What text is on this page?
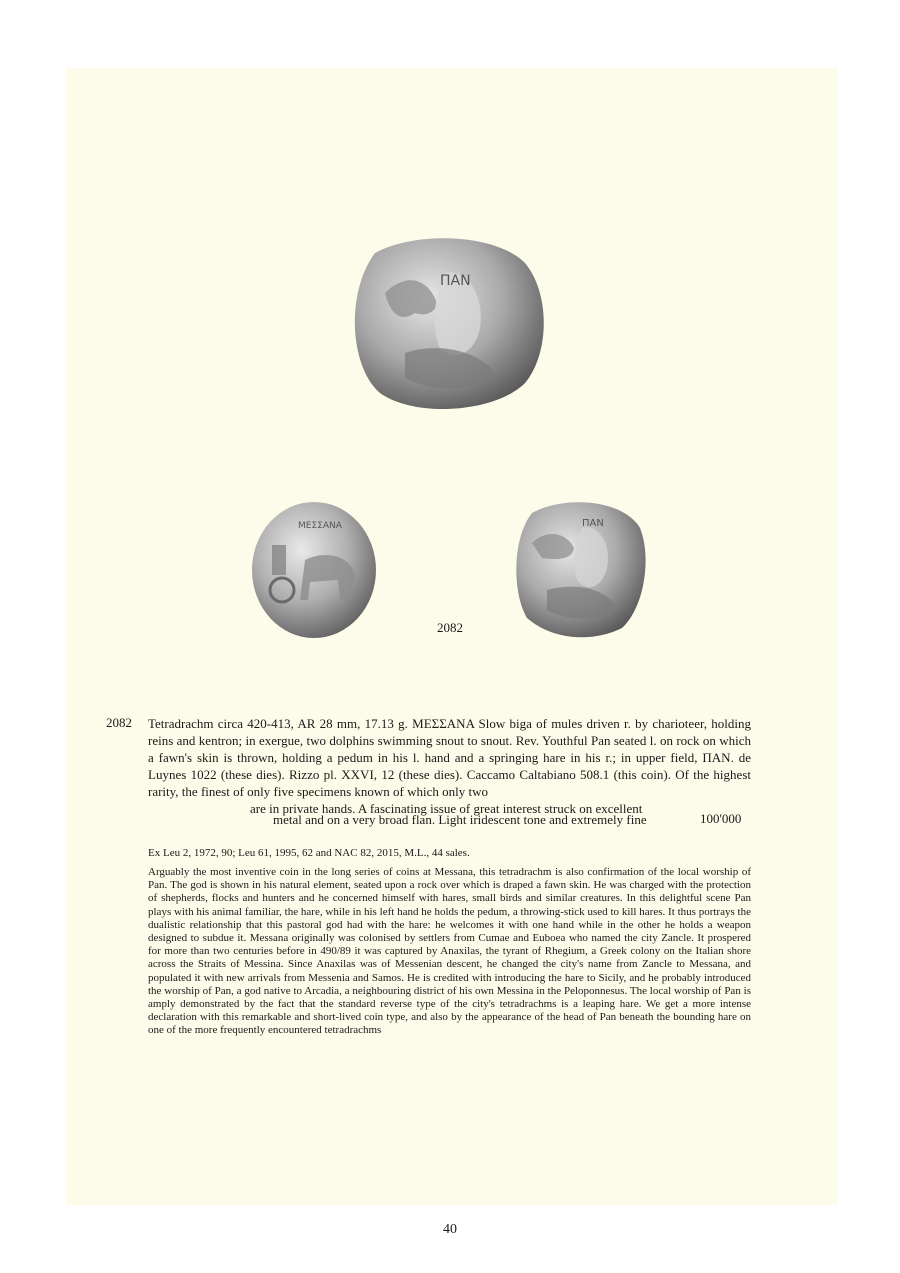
ΠΑΝ
ΜΕΣΣΑΝΑ	ΠΑΝ
2082
2082 Tetradrachm circa 420-413, AR 28 mm, 17.13 g. ΜΕΣΣΑΝΑ Slow biga of mules driven r. by charioteer, holding reins and kentron; in exergue, two dolphins swimming snout to snout. Rev. Youthful Pan seated l. on rock on which a fawn's skin is thrown, holding a pedum in his l. hand and a springing hare in his r.; in upper field, ΠΑΝ. de Luynes 1022 (these dies). Rizzo pl. XXVI, 12 (these dies). Caccamo Caltabiano 508.1 (this coin). Of the highest rarity, the finest of only five specimens known of which only two
are in private hands. A fascinating issue of great interest struck on excellent
metal and on a very broad flan. Light iridescent tone and extremely fine	100'000
Ex Leu 2, 1972, 90; Leu 61, 1995, 62 and NAC 82, 2015, M.L., 44 sales.
Arguably the most inventive coin in the long series of coins at Messana, this tetradrachm is also confirmation of the local worship of Pan. The god is shown in his natural element, seated upon a rock over which is draped a fawn skin. He was charged with the protection of shepherds, flocks and hunters and he concerned himself with hares, small birds and similar creatures. In this delightful scene Pan plays with his animal familiar, the hare, while in his left hand he holds the pedum, a throwing-stick used to kill hares. It thus portrays the dualistic relationship that this pastoral god had with the hare: he welcomes it with one hand while in the other he holds a weapon designed to subdue it. Messana originally was colonised by settlers from Cumae and Euboea who named the city Zancle. It prospered for more than two centuries before in 490/89 it was captured by Anaxilas, the tyrant of Rhegium, a Greek colony on the Italian shore across the Straits of Messina. Since Anaxilas was of Messenian descent, he changed the city's name from Zancle to Messana, and populated it with new arrivals from Messenia and Samos. He is credited with introducing the hare to Sicily, and he probably introduced the worship of Pan, a god native to Arcadia, a neighbouring district of his own Messina in the Peloponnesus. The local worship of Pan is amply demonstrated by the fact that the standard reverse type of the city's tetradrachms is a leaping hare. We get a more intense declaration with this remarkable and short-lived coin type, and also by the appearance of the head of Pan beneath the bounding hare on one of the more frequently encountered tetradrachms
40
